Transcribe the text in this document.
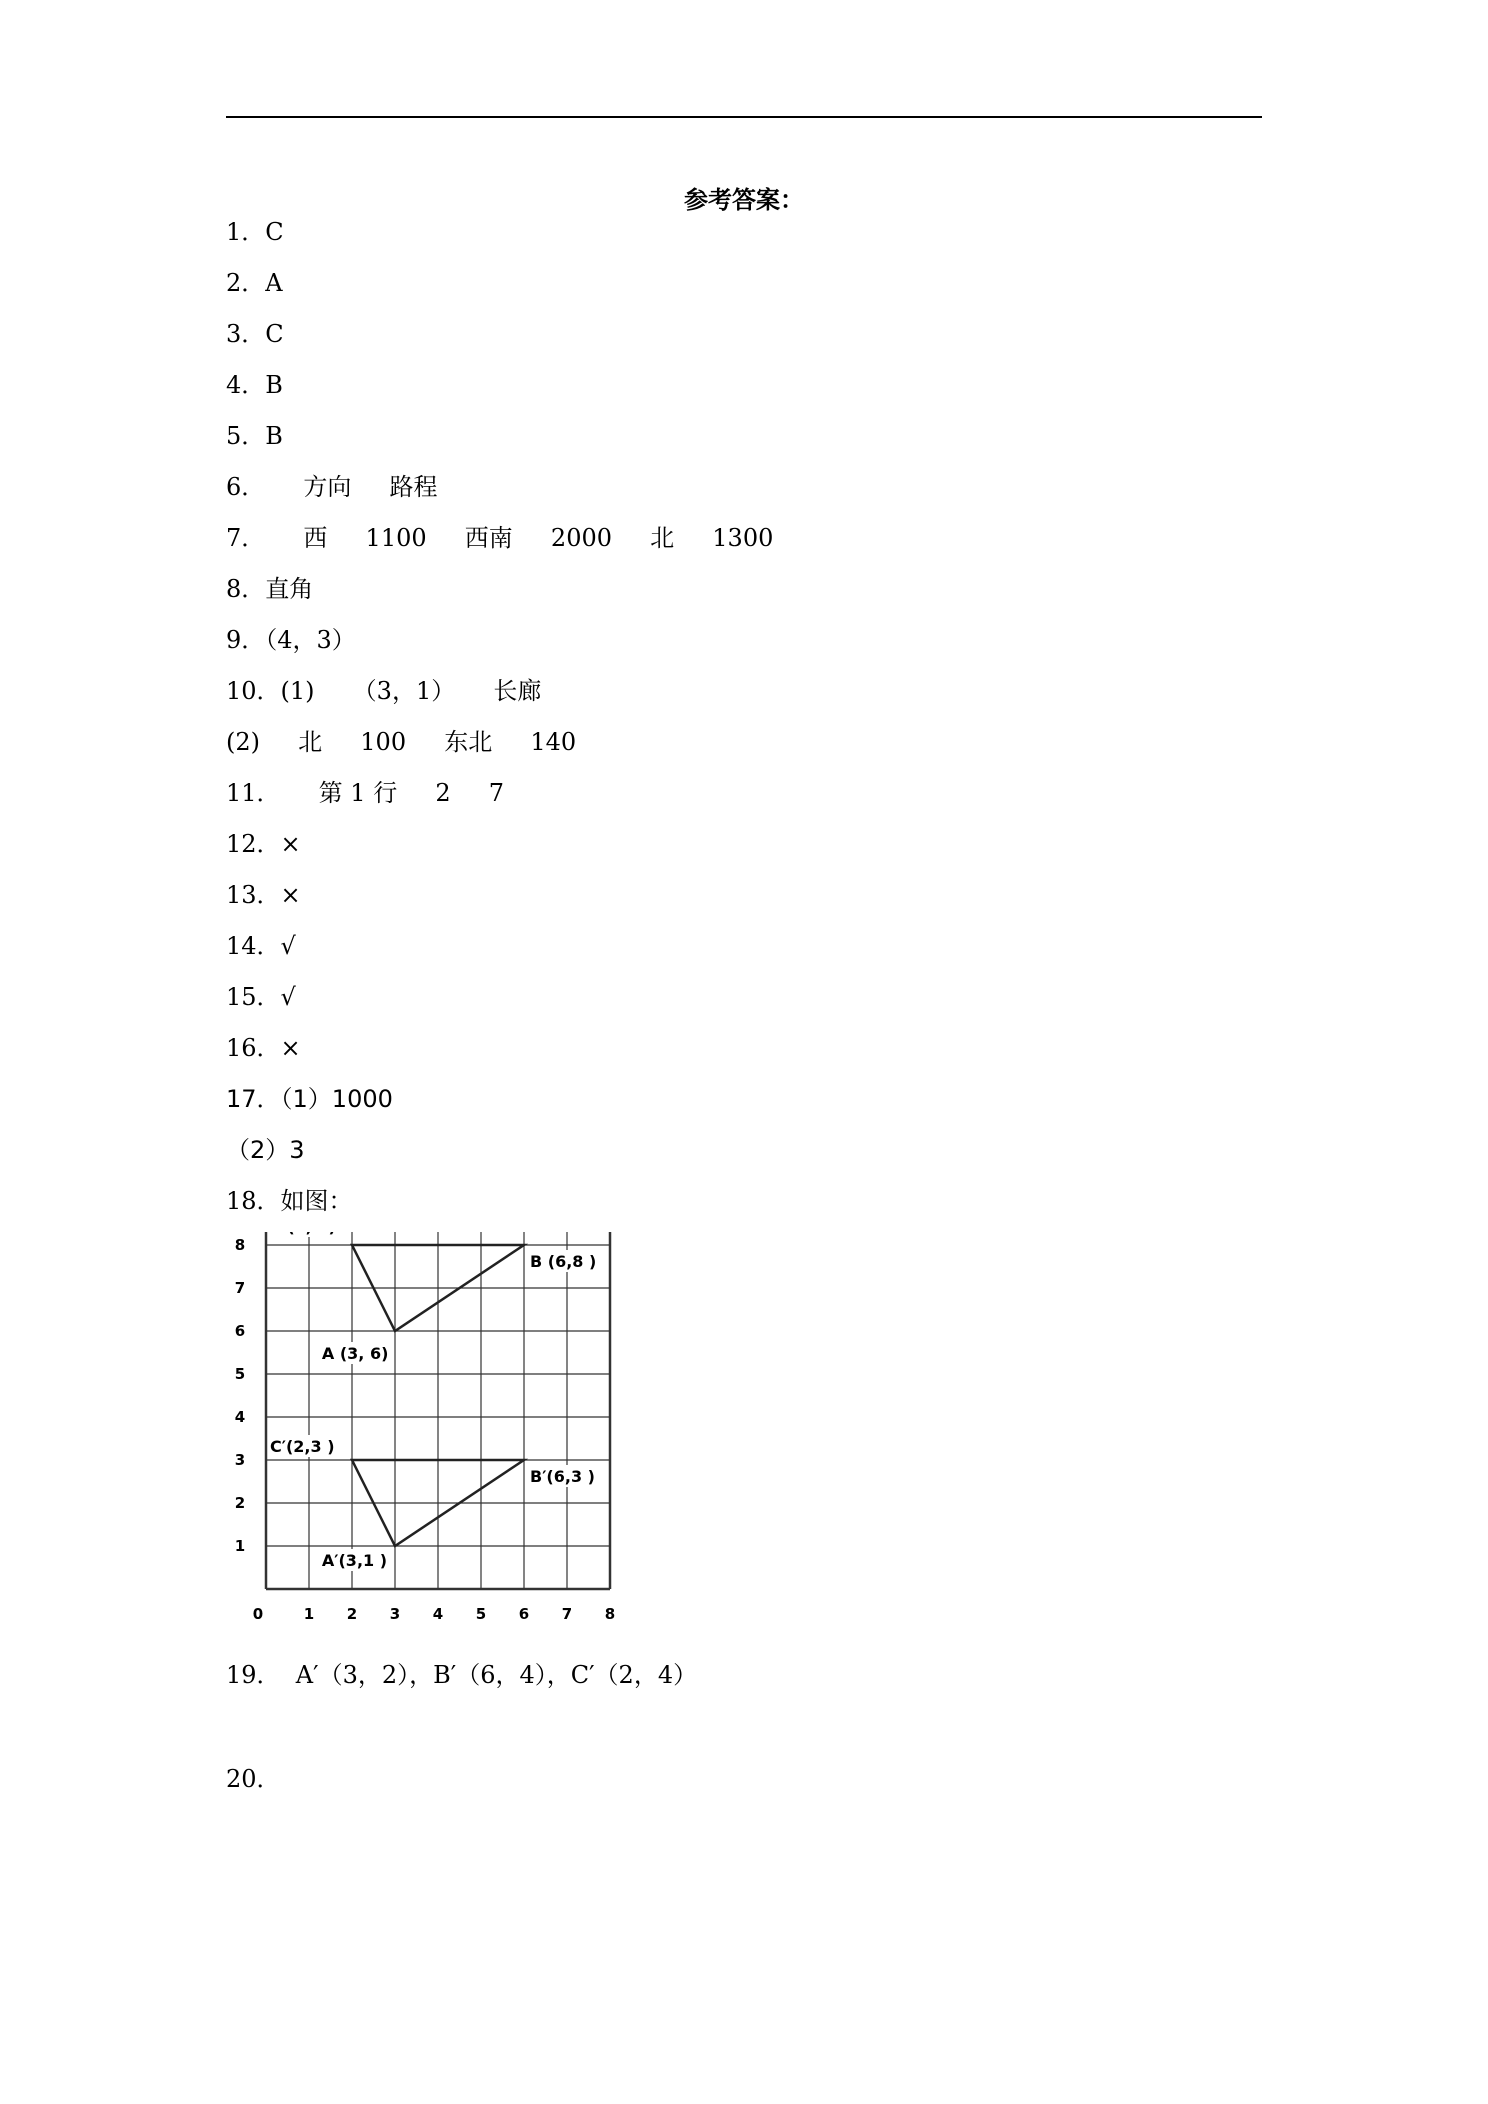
参考答案：
1．C
2．A
3．C
4．B
5．B
6．     方向     路程
7．     西     1100     西南     2000     北     1300
8．直角
9．（4，3）
10．(1)     （3，1）     长廊
(2)     北     100     东北     140
11．     第 1 行     2     7
12．×
13．×
14．√
15．√
16．×
17．（1）1000
（2）3
18．如图：
0	1 2 3 4 5 6 7 8
1
2
3
4
5
6
7
8
B (6,8 )
A (3, 6)
C′(2,3 )
B′(6,3 )
A′(3,1 )
19．  A′（3，2），B′（6，4），C′（2，4）
20．
